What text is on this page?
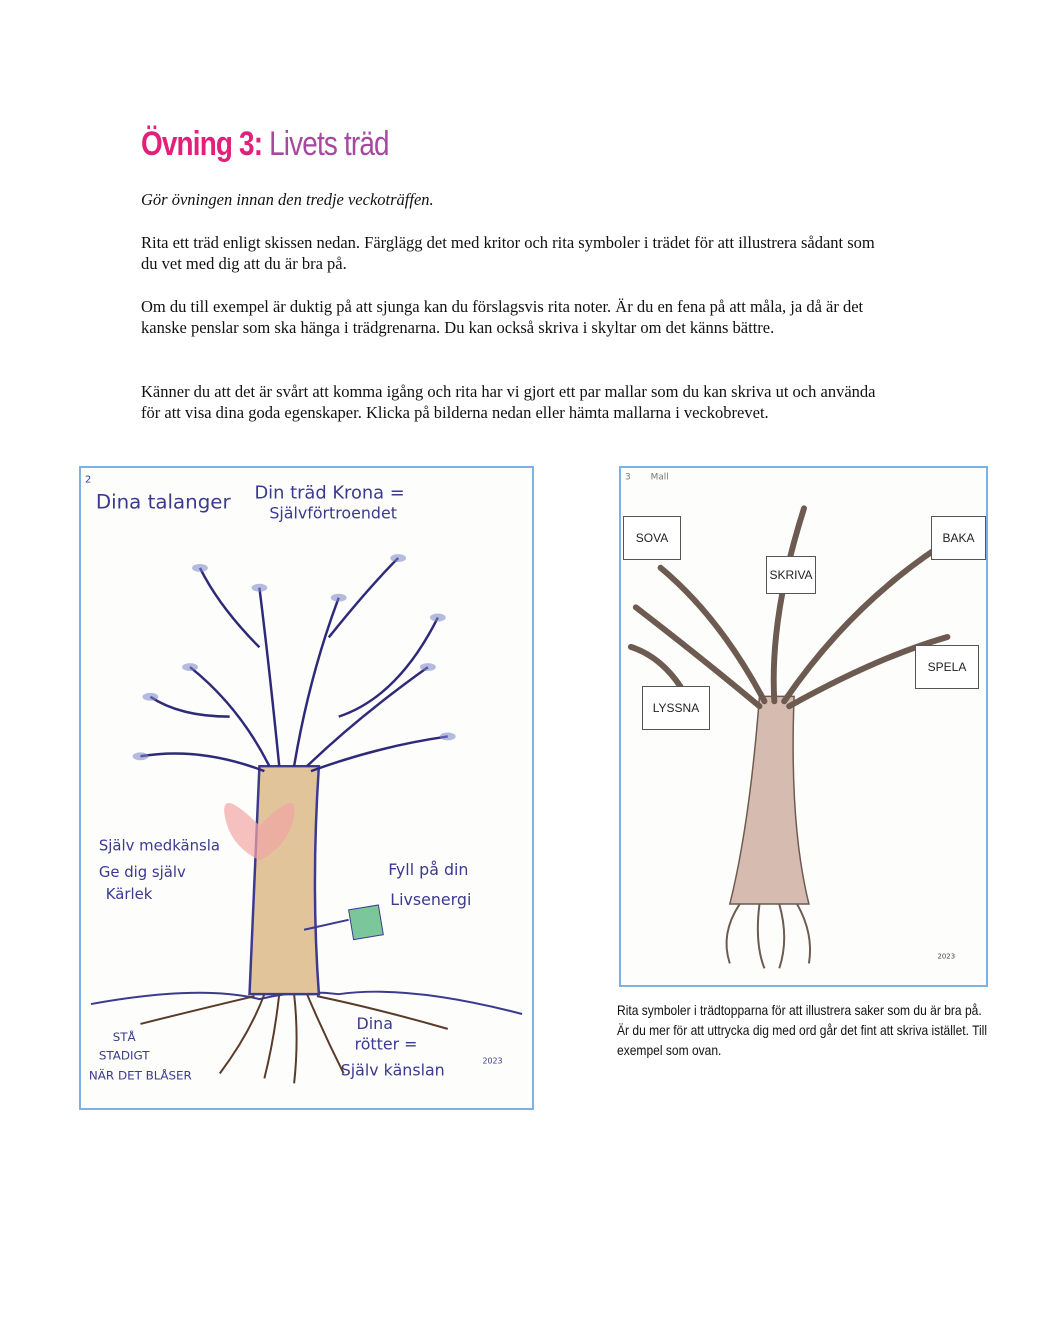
Övning 3: Livets träd
Gör övningen innan den tredje veckoträffen.
Rita ett träd enligt skissen nedan. Färglägg det med kritor och rita symboler i trädet för att illustrera sådant som du vet med dig att du är bra på.
Om du till exempel är duktig på att sjunga kan du förslagsvis rita noter. Är du en fena på att måla, ja då är det kanske penslar som ska hänga i trädgrenarna. Du kan också skriva i skyltar om det känns bättre.
Känner du att det är svårt att komma igång och rita har vi gjort ett par mallar som du kan skriva ut och använda för att visa dina goda egenskaper. Klicka på bilderna nedan eller hämta mallarna i veckobrevet.
Dina talanger Din träd Krona =
Självförtroendet
Själv medkänsla
Ge dig själv
Kärlek
Fyll på din
Livsenergi
STÅ
STADIGT
NÄR DET BLÅSER
Dina
rötter =
Själv känslan	2023
2	3 Mall
2023
SOVA
SKRIVA
BAKA
SPELA
LYSSNA
Rita symboler i trädtopparna för att illustrera saker som du är bra på. Är du mer för att uttrycka dig med ord går det fint att skriva istället. Till exempel som ovan.
